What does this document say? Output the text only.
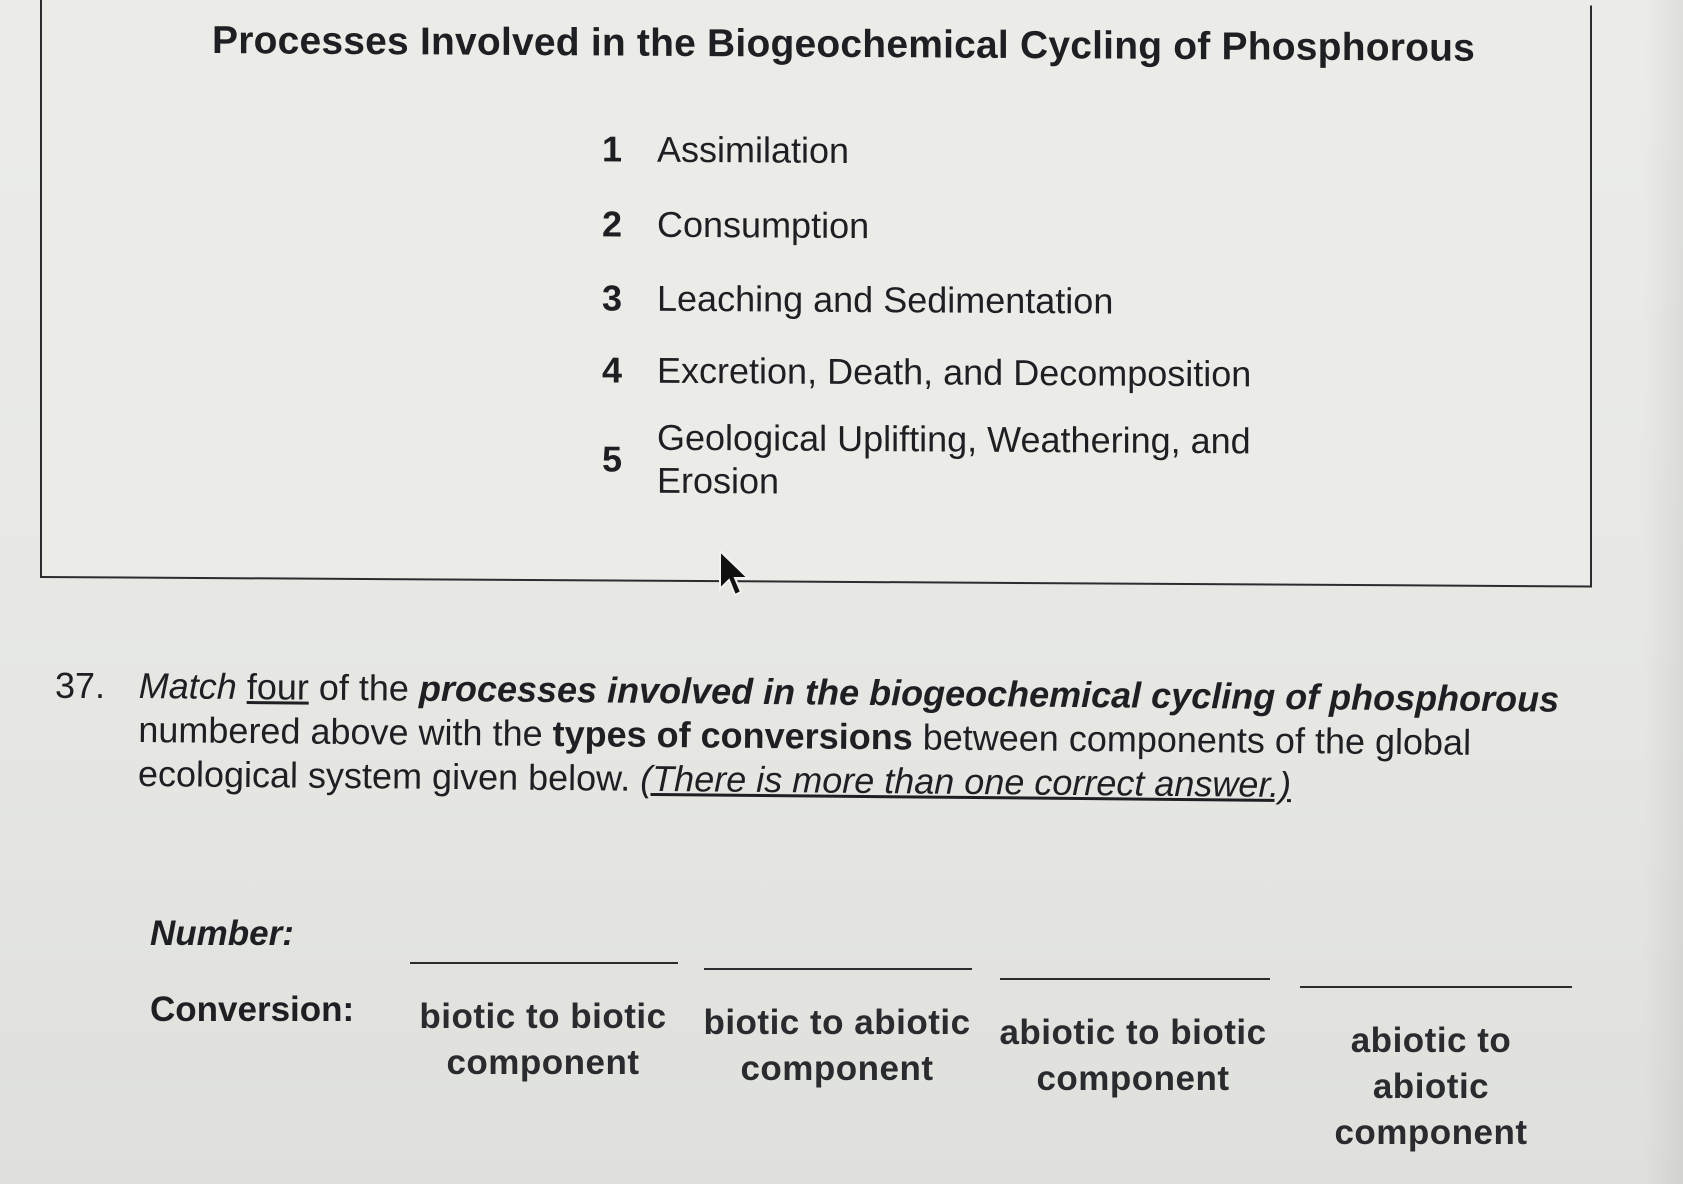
Processes Involved in the Biogeochemical Cycling of Phosphorous
1 Assimilation
2 Consumption
3 Leaching and Sedimentation
4 Excretion, Death, and Decomposition
5 Geological Uplifting, Weathering, and Erosion
37. Match four of the processes involved in the biogeochemical cycling of phosphorous numbered above with the types of conversions between components of the global ecological system given below. (There is more than one correct answer.)
Number:
Conversion:	biotic to biotic component
biotic to abiotic component
abiotic to biotic component
abiotic to abiotic component
